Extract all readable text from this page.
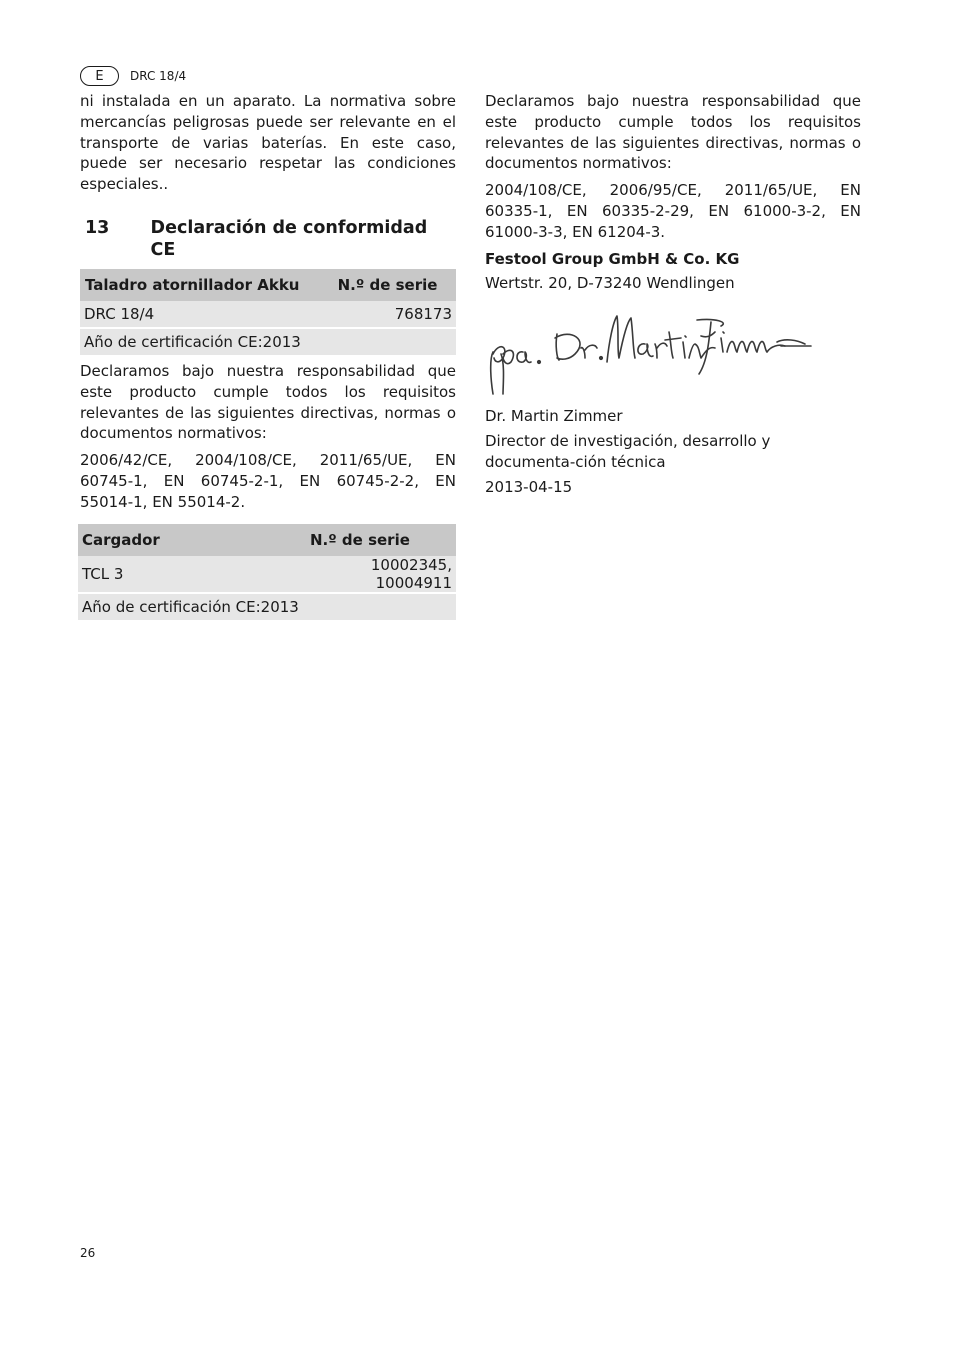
E	DRC 18/4

ni instalada en un aparato. La normativa sobre mercancías peligrosas puede ser relevante en el transporte de varias baterías. En este caso, puede ser necesario respetar las condiciones especiales..

13	Declaración de conformidad CE
Taladro atornillador Akku	N.º de serie
DRC 18/4	768173
Año de certificación CE:2013	

Declaramos bajo nuestra responsabilidad que este producto cumple todos los requisitos relevantes de las siguientes directivas, normas o documentos normativos:

2006/42/CE, 2004/108/CE, 2011/65/UE, EN 60745-1, EN 60745-2-1, EN 60745-2-2, EN 55014-1, EN 55014-2.

Cargador	N.º de serie
TCL 3	10002345, 10004911
Año de certificación CE:2013	

Declaramos bajo nuestra responsabilidad que este producto cumple todos los requisitos relevantes de las siguientes directivas, normas o documentos normativos:

2004/108/CE, 2006/95/CE, 2011/65/UE, EN 60335-1, EN 60335-2-29, EN 61000-3-2, EN 61000-3-3, EN 61204-3.

Festool Group GmbH & Co. KG

Wertstr. 20, D-73240 Wendlingen

Dr. Martin Zimmer

Director de investigación, desarrollo y documenta-ción técnica

2013-04-15

26
